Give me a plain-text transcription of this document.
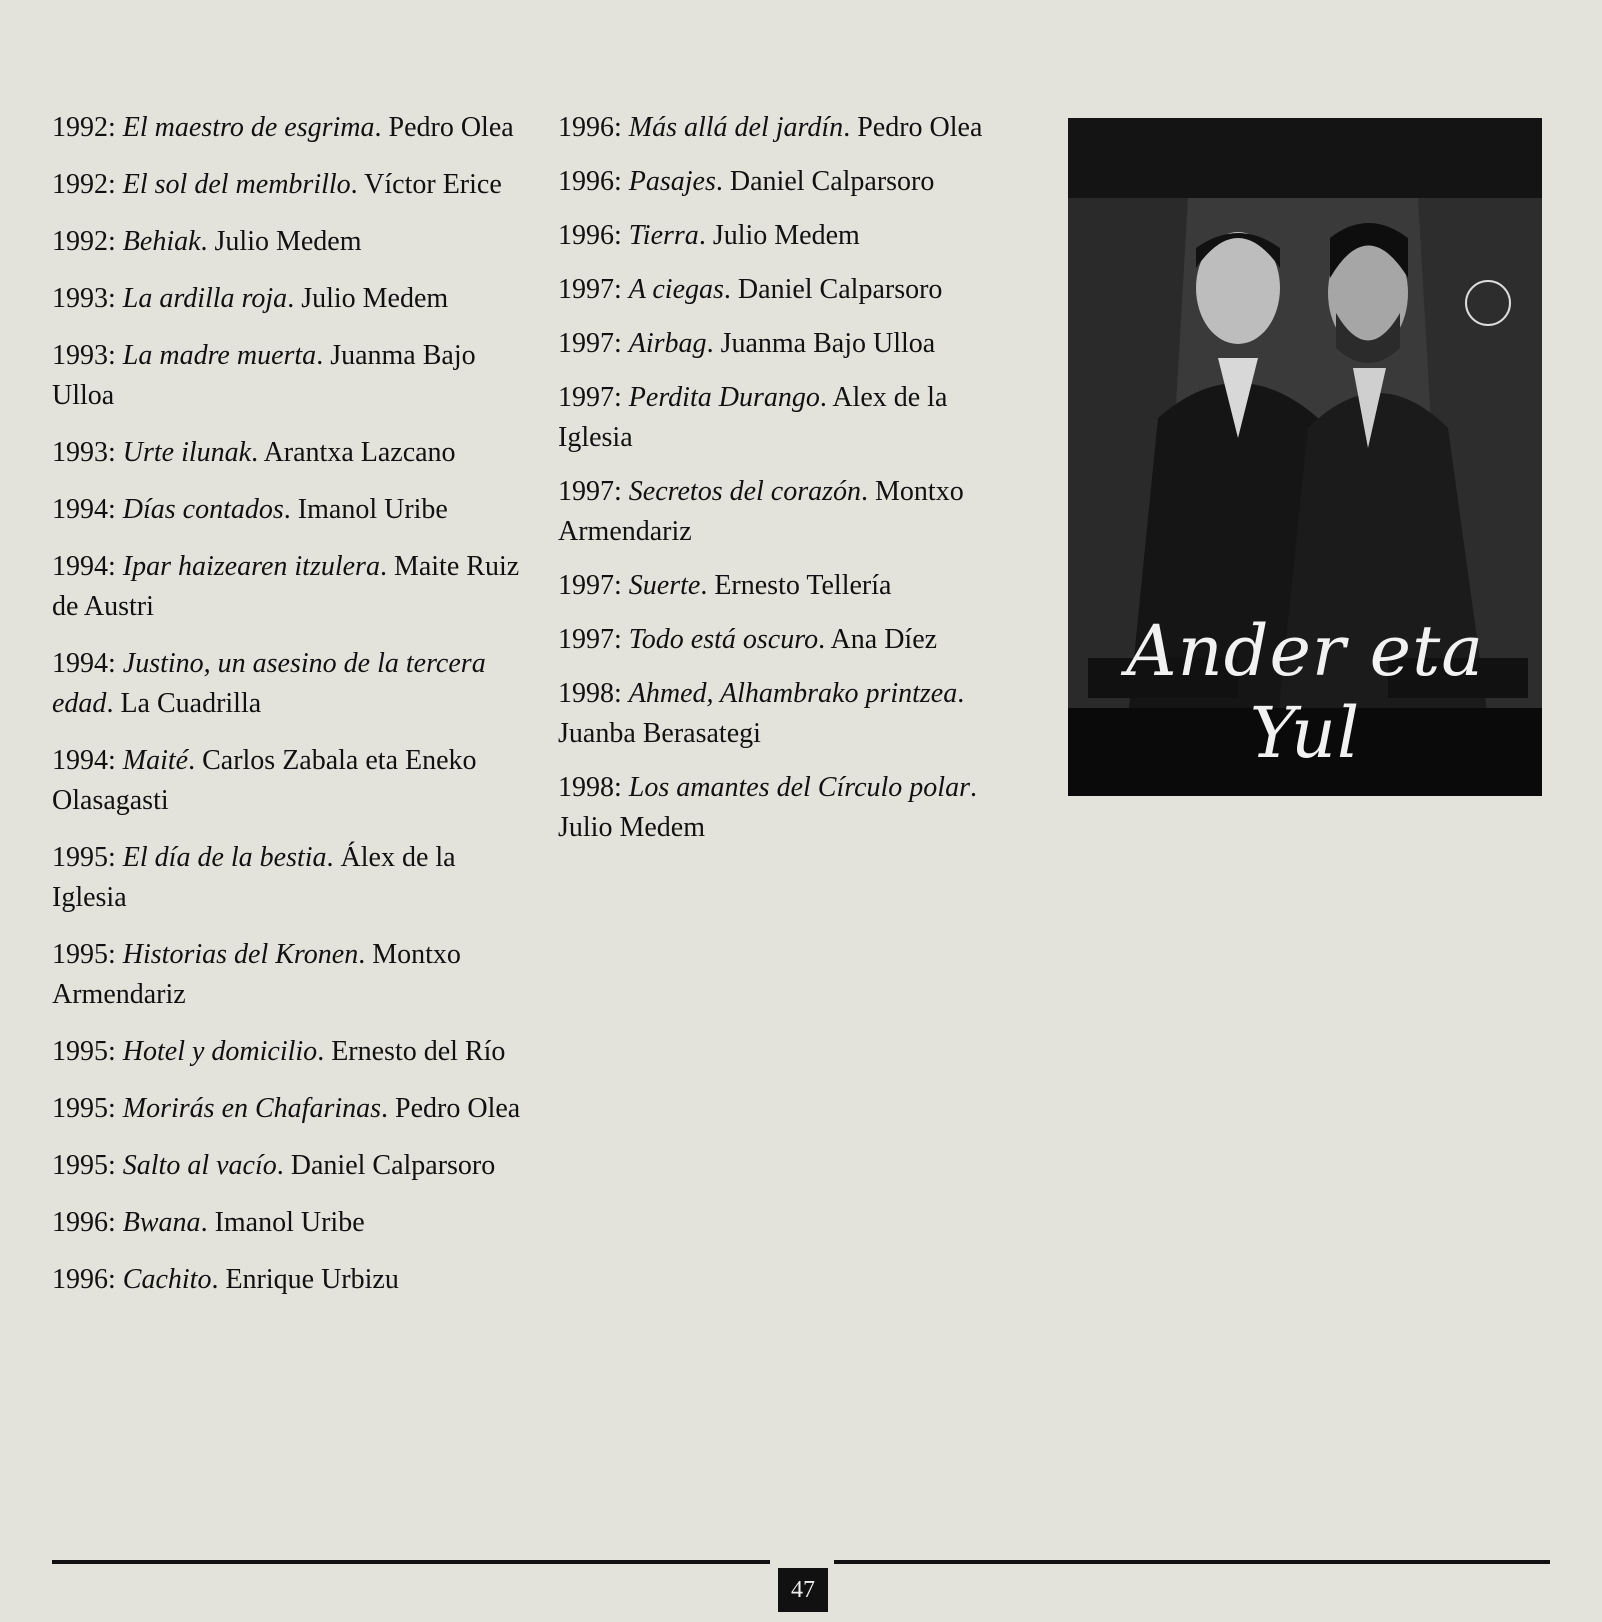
1992: El maestro de esgrima. Pedro Olea
1992: El sol del membrillo. Víctor Erice
1992: Behiak. Julio Medem
1993: La ardilla roja. Julio Medem
1993: La madre muerta. Juanma Bajo Ulloa
1993: Urte ilunak. Arantxa Lazcano
1994: Días contados. Imanol Uribe
1994: Ipar haizearen itzulera. Maite Ruiz de Austri
1994: Justino, un asesino de la tercera edad. La Cuadrilla
1994: Maité. Carlos Zabala eta Eneko Olasagasti
1995: El día de la bestia. Álex de la Iglesia
1995: Historias del Kronen. Montxo Armendariz
1995: Hotel y domicilio. Ernesto del Río
1995: Morirás en Chafarinas. Pedro Olea
1995: Salto al vacío. Daniel Calparsoro
1996: Bwana. Imanol Uribe
1996: Cachito. Enrique Urbizu
1996: Más allá del jardín. Pedro Olea
1996: Pasajes. Daniel Calparsoro
1996: Tierra. Julio Medem
1997: A ciegas. Daniel Calparsoro
1997: Airbag. Juanma Bajo Ulloa
1997: Perdita Durango. Alex de la Iglesia
1997: Secretos del corazón. Montxo Armendariz
1997: Suerte. Ernesto Tellería
1997: Todo está oscuro. Ana Díez
1998: Ahmed, Alhambrako printzea. Juanba Berasategi
1998: Los amantes del Círculo polar. Julio Medem
Ander eta Yul
47
